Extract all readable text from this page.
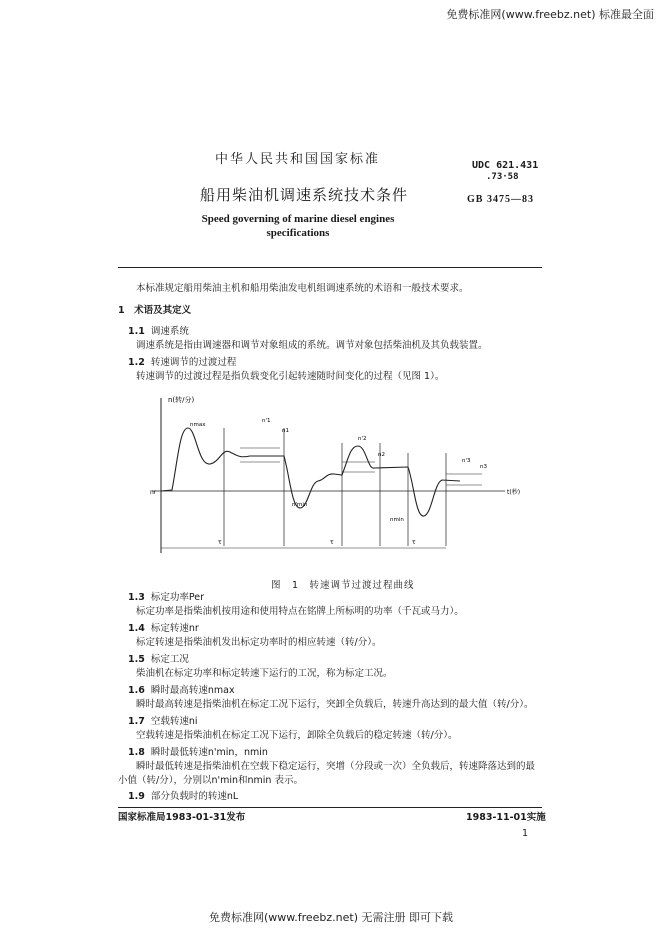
免费标准网(www.freebz.net) 标准最全面
中华人民共和国国家标准	UDC 621.431
.73·58
船用柴油机调速系统技术条件	GB 3475—83
Speed governing of marine diesel engines specifications
本标准规定船用柴油主机和船用柴油发电机组调速系统的术语和一般技术要求。
1　术语及其定义
1.1 调速系统
调速系统是指由调速器和调节对象组成的系统。调节对象包括柴油机及其负载装置。
1.2 转速调节的过渡过程
转速调节的过渡过程是指负载变化引起转速随时间变化的过程（见图 1）。
n(转/分)
nr	t(秒)
nmax
n'1
n1
n'min
n'2
n2
nmin
n'3
n3
τ	τ	τ
图　1　转速调节过渡过程曲线
1.3 标定功率Per
标定功率是指柴油机按用途和使用特点在铭牌上所标明的功率（千瓦或马力）。
1.4 标定转速nr
标定转速是指柴油机发出标定功率时的相应转速（转/分）。
1.5 标定工况
柴油机在标定功率和标定转速下运行的工况，称为标定工况。
1.6 瞬时最高转速nmax
瞬时最高转速是指柴油机在标定工况下运行，突卸全负载后，转速升高达到的最大值（转/分）。
1.7 空载转速ni
空载转速是指柴油机在标定工况下运行，卸除全负载后的稳定转速（转/分）。
1.8 瞬时最低转速n'min，nmin
瞬时最低转速是指柴油机在空载下稳定运行，突增（分段或一次）全负载后，转速降落达到的最
小值（转/分），分别以n'min和nmin 表示。
1.9 部分负载时的转速nL
国家标准局1983-01-31发布	1983-11-01实施
1
免费标准网(www.freebz.net) 无需注册 即可下载
